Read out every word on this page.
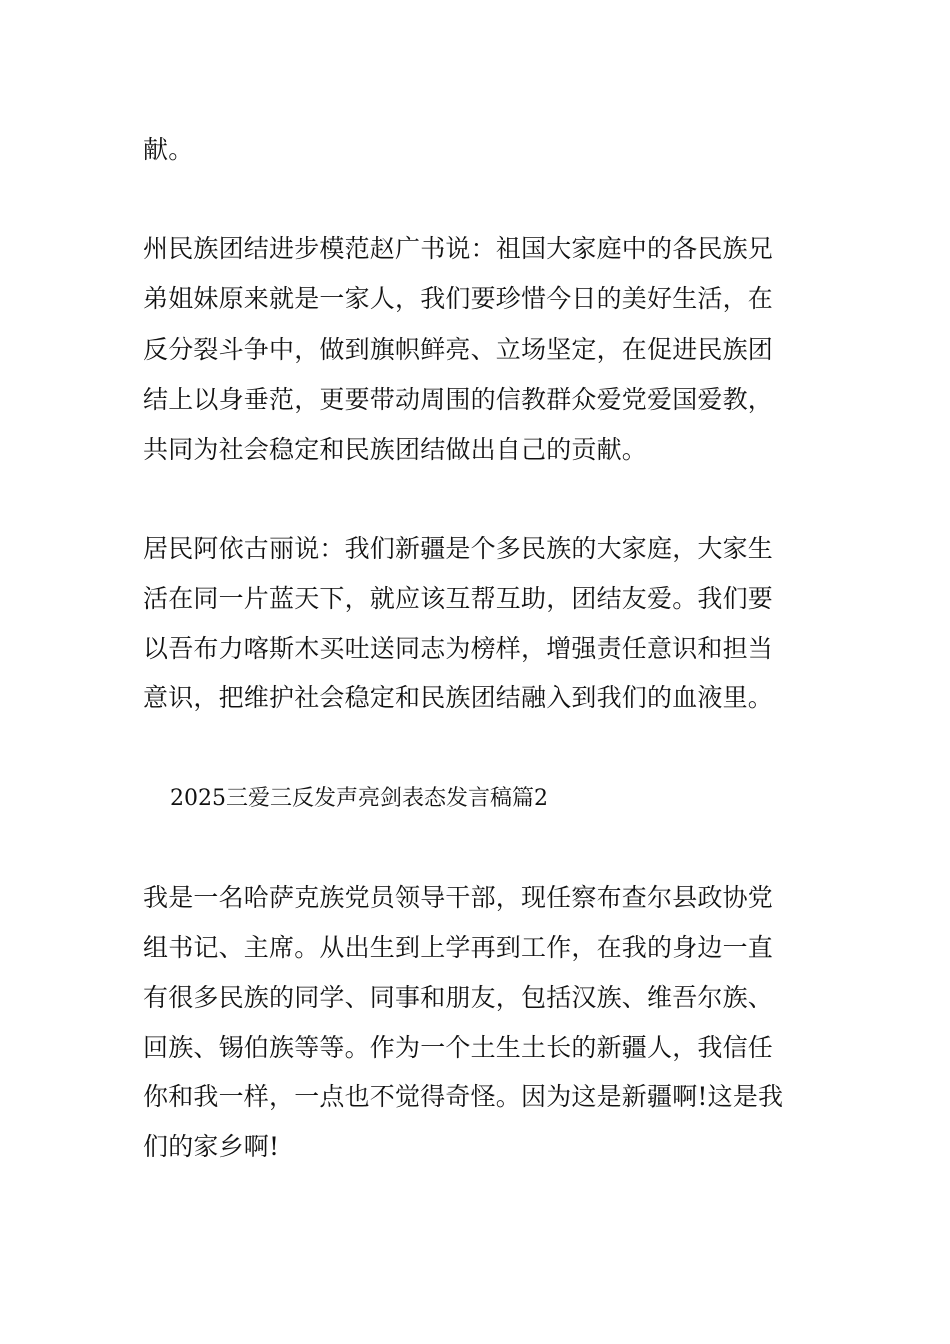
献。
州民族团结进步模范赵广书说：祖国大家庭中的各民族兄
弟姐妹原来就是一家人，我们要珍惜今日的美好生活，在
反分裂斗争中，做到旗帜鲜亮、立场坚定，在促进民族团
结上以身垂范，更要带动周围的信教群众爱党爱国爱教，
共同为社会稳定和民族团结做出自己的贡献。
居民阿依古丽说：我们新疆是个多民族的大家庭，大家生
活在同一片蓝天下，就应该互帮互助，团结友爱。我们要
以吾布力喀斯木买吐送同志为榜样，增强责任意识和担当
意识，把维护社会稳定和民族团结融入到我们的血液里。
2025三爱三反发声亮剑表态发言稿篇2
我是一名哈萨克族党员领导干部，现任察布查尔县政协党
组书记、主席。从出生到上学再到工作，在我的身边一直
有很多民族的同学、同事和朋友，包括汉族、维吾尔族、
回族、锡伯族等等。作为一个土生土长的新疆人，我信任
你和我一样，一点也不觉得奇怪。因为这是新疆啊!这是我
们的家乡啊!
